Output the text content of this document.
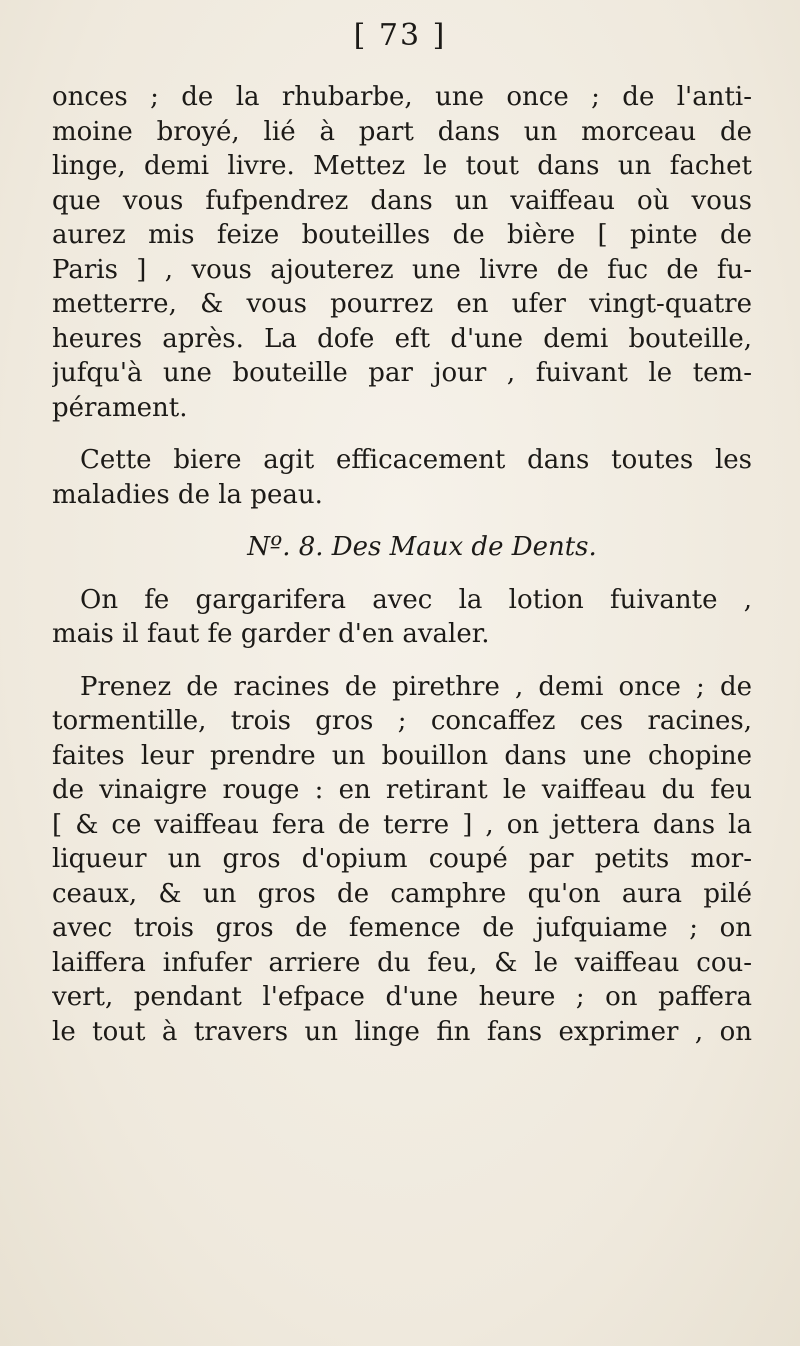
[ 73 ]
onces ; de la rhubarbe, une once ; de l'anti-
moine broyé, lié à part dans un morceau de
linge, demi livre. Mettez le tout dans un fachet
que vous fufpendrez dans un vaiffeau où vous
aurez mis feize bouteilles de bière [ pinte de
Paris ] , vous ajouterez une livre de fuc de fu-
metterre, & vous pourrez en ufer vingt-quatre
heures après. La dofe eft d'une demi bouteille,
jufqu'à une bouteille par jour , fuivant le tem-
pérament.
Cette biere agit efficacement dans toutes les
maladies de la peau.
Nº. 8. Des Maux de Dents.
On fe gargarifera avec la lotion fuivante ,
mais il faut fe garder d'en avaler.
Prenez de racines de pirethre , demi once ; de
tormentille, trois gros ; concaffez ces racines,
faites leur prendre un bouillon dans une chopine
de vinaigre rouge : en retirant le vaiffeau du feu
[ & ce vaiffeau fera de terre ] , on jettera dans la
liqueur un gros d'opium coupé par petits mor-
ceaux, & un gros de camphre qu'on aura pilé
avec trois gros de femence de jufquiame ; on
laiffera infufer arriere du feu, & le vaiffeau cou-
vert, pendant l'efpace d'une heure ; on paffera
le tout à travers un linge fin fans exprimer , on
